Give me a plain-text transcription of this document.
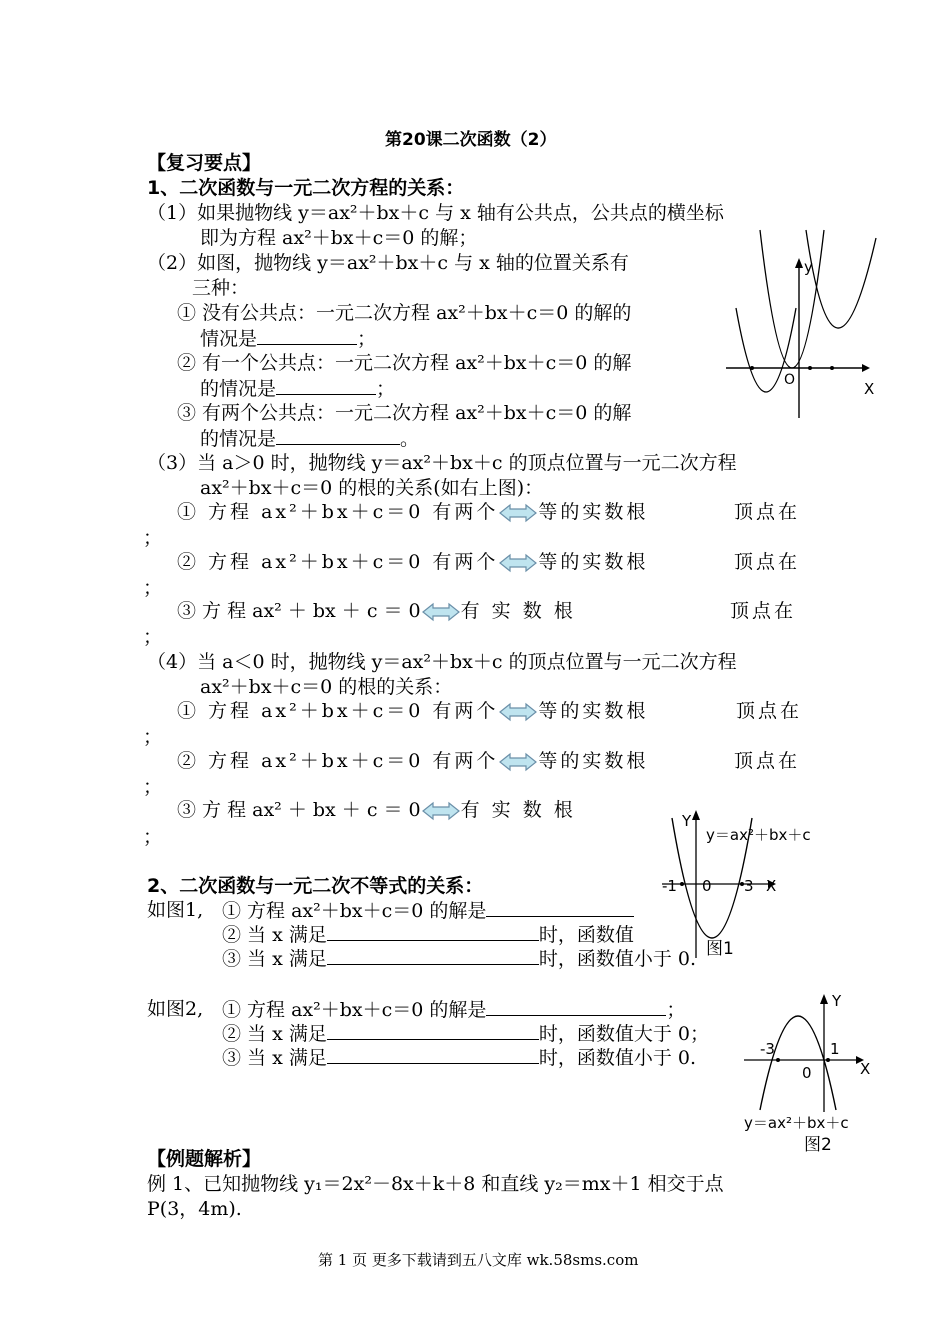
第20课二次函数（2）
【复习要点】
1、二次函数与一元二次方程的关系：
（1）如果抛物线 y＝ax²＋bx＋c 与 x 轴有公共点，公共点的横坐标
即为方程 ax²＋bx＋c＝0 的解；
（2）如图，抛物线 y＝ax²＋bx＋c 与 x 轴的位置关系有
三种：
① 没有公共点：一元二次方程 ax²＋bx＋c＝0 的解的
情况是	；
② 有一个公共点：一元二次方程 ax²＋bx＋c＝0 的解
的情况是	；
③ 有两个公共点：一元二次方程 ax²＋bx＋c＝0 的解
的情况是	。
y
X
O
（3）当 a＞0 时，抛物线 y＝ax²＋bx＋c 的顶点位置与一元二次方程
ax²＋bx＋c＝0 的根的关系(如右上图)：
① 方程 ax²＋bx＋c＝0 有两个 等的实数根	顶点在
；
② 方程 ax²＋bx＋c＝0 有两个 等的实数根	顶点在
；
③ 方 程 ax² ＋ bx ＋ c ＝ 0 有 实 数 根	顶点在
；
（4）当 a＜0 时，抛物线 y＝ax²＋bx＋c 的顶点位置与一元二次方程
ax²＋bx＋c＝0 的根的关系：
① 方程 ax²＋bx＋c＝0 有两个 等的实数根	顶点在
；
② 方程 ax²＋bx＋c＝0 有两个 等的实数根	顶点在
；
③ 方 程 ax² ＋ bx ＋ c ＝ 0 有 实 数 根
；
2、二次函数与一元二次不等式的关系：
如图1, ① 方程 ax²＋bx＋c＝0 的解是
② 当 x 满足	时，函数值
③ 当 x 满足	时，函数值小于 0.
Y
y＝ax²＋bx＋c
-1 0 3 X
图1
如图2, ① 方程 ax²＋bx＋c＝0 的解是	；
② 当 x 满足	时，函数值大于 0；
③ 当 x 满足	时，函数值小于 0.
Y
-3	1
X
0
y＝ax²＋bx＋c
图2
【例题解析】
例 1、已知抛物线 y₁＝2x²－8x＋k＋8 和直线 y₂＝mx＋1 相交于点
P(3，4m).
第 1 页 更多下载请到五八文库 wk.58sms.com
